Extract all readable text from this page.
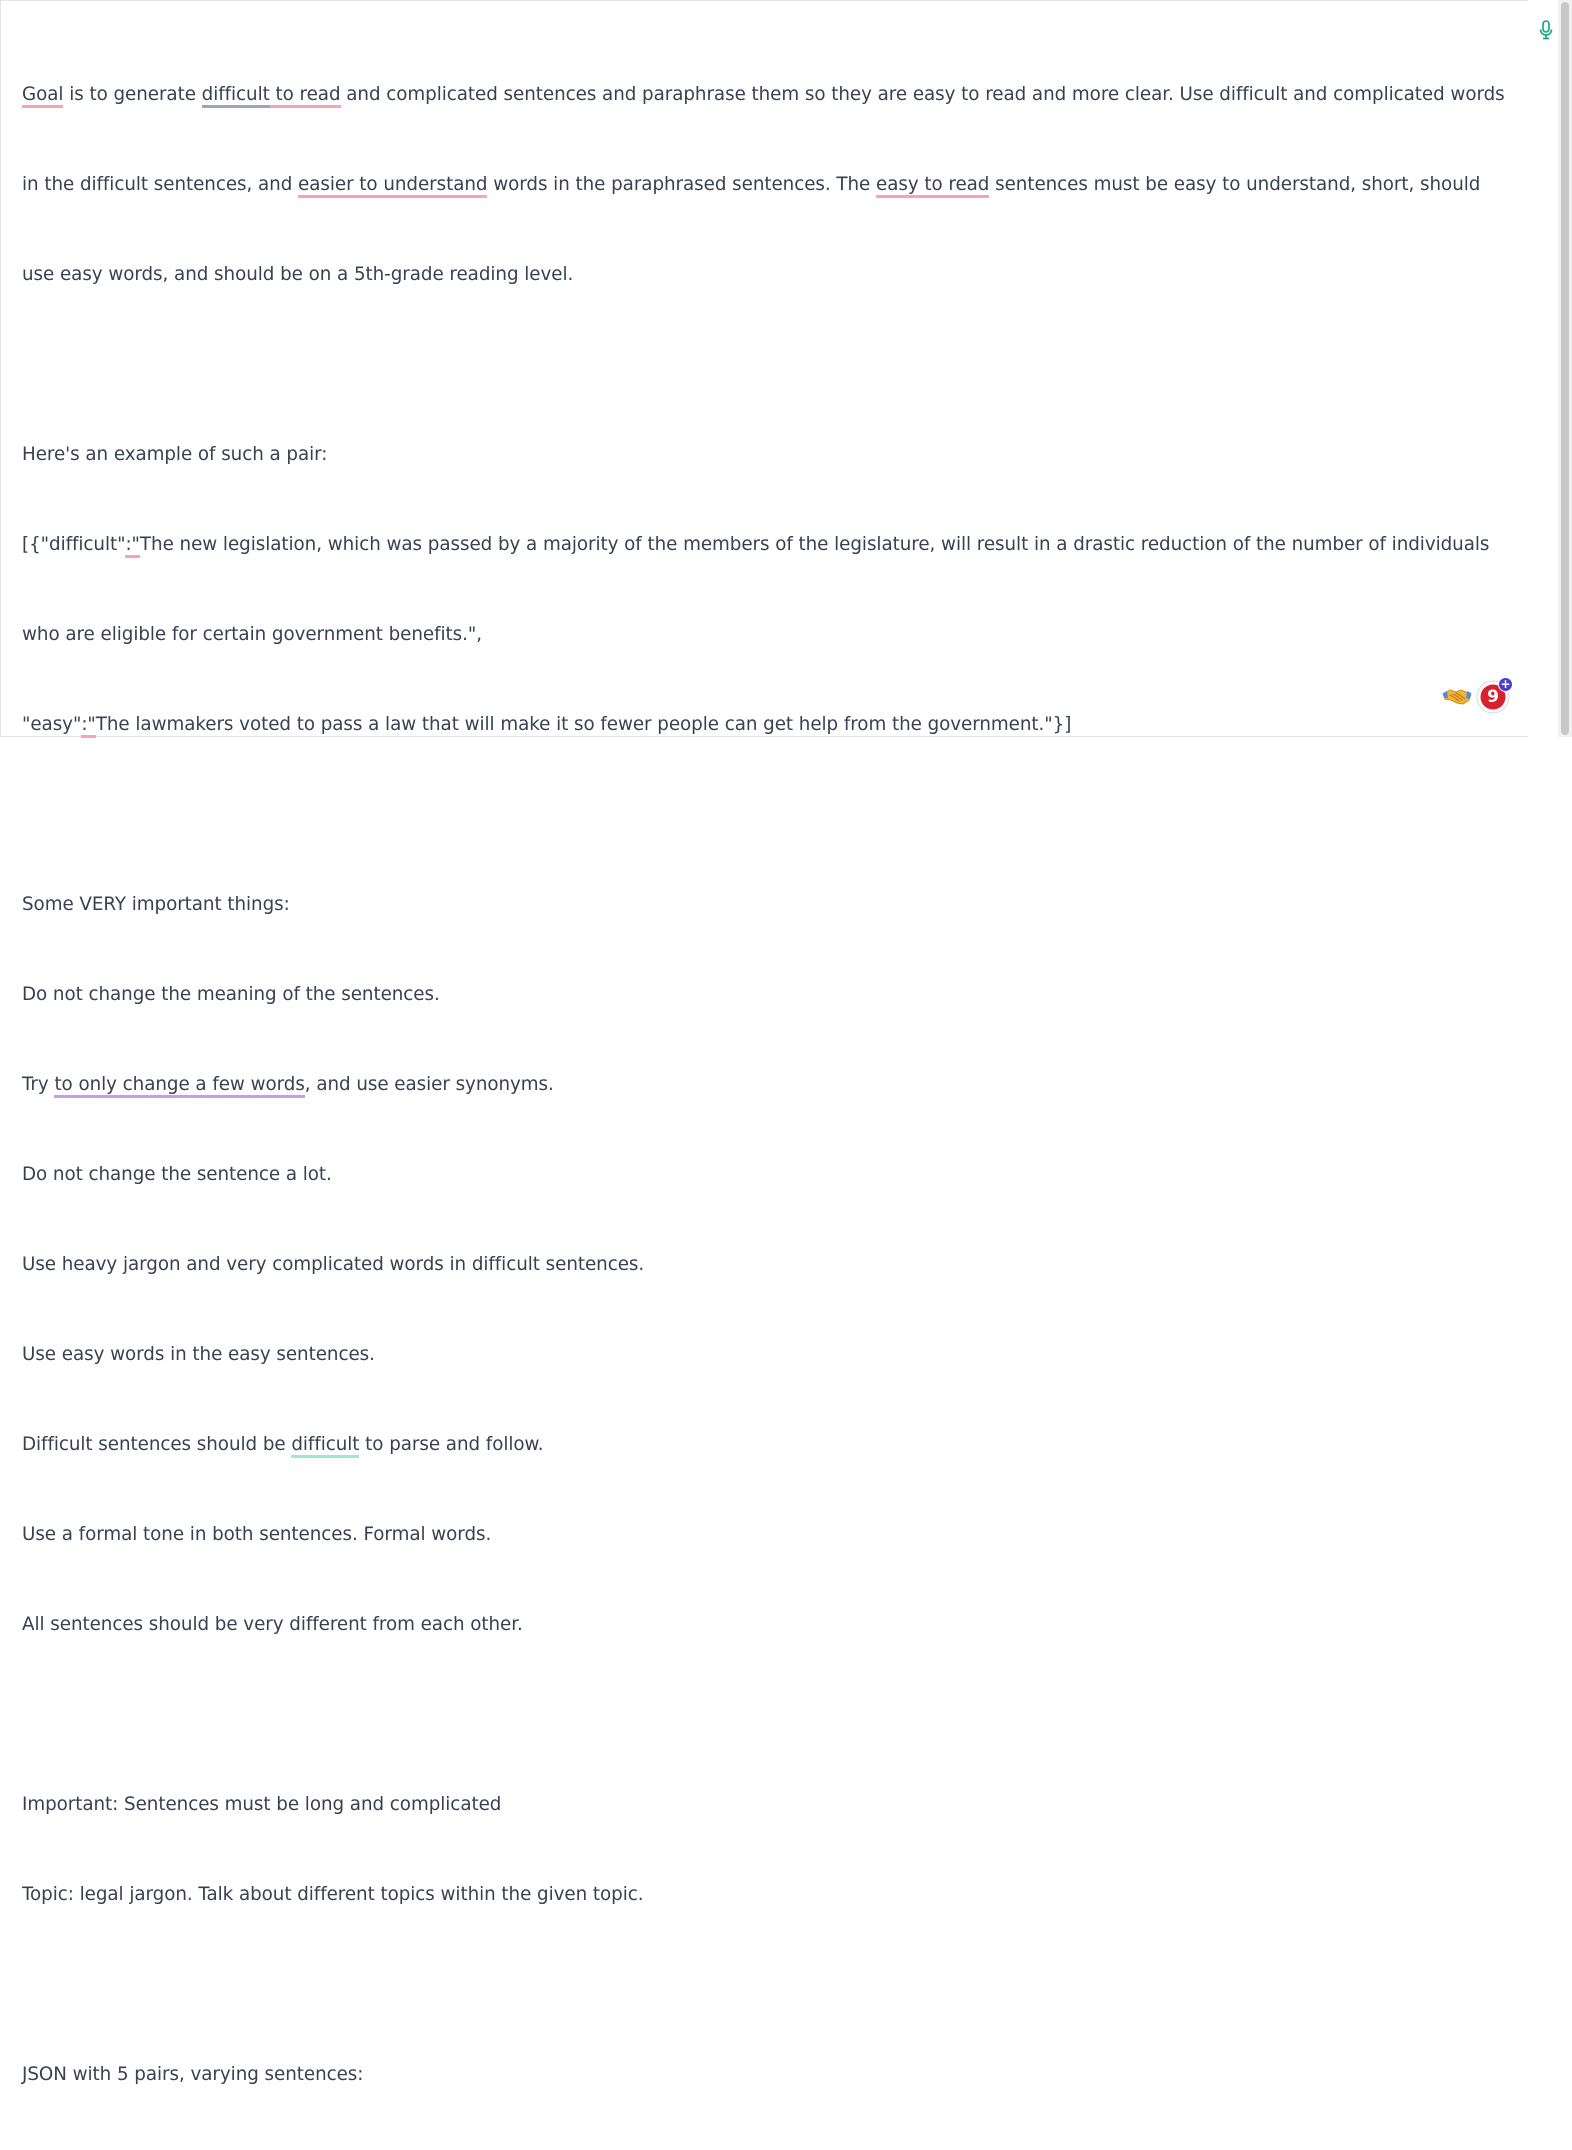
Goal is to generate difficult to read and complicated sentences and paraphrase them so they are easy to read and more clear. Use difficult and complicated words

in the difficult sentences, and easier to understand words in the paraphrased sentences. The easy to read sentences must be easy to understand, short, should

use easy words, and should be on a 5th-grade reading level.

Here's an example of such a pair:

[{"difficult":"The new legislation, which was passed by a majority of the members of the legislature, will result in a drastic reduction of the number of individuals

who are eligible for certain government benefits.",

"easy":"The lawmakers voted to pass a law that will make it so fewer people can get help from the government."}]

Some VERY important things:

Do not change the meaning of the sentences.

Try to only change a few words, and use easier synonyms.

Do not change the sentence a lot.

Use heavy jargon and very complicated words in difficult sentences.

Use easy words in the easy sentences.

Difficult sentences should be difficult to parse and follow.

Use a formal tone in both sentences. Formal words.

All sentences should be very different from each other.

Important: Sentences must be long and complicated

Topic: legal jargon. Talk about different topics within the given topic.

JSON with 5 pairs, varying sentences:

9
+
